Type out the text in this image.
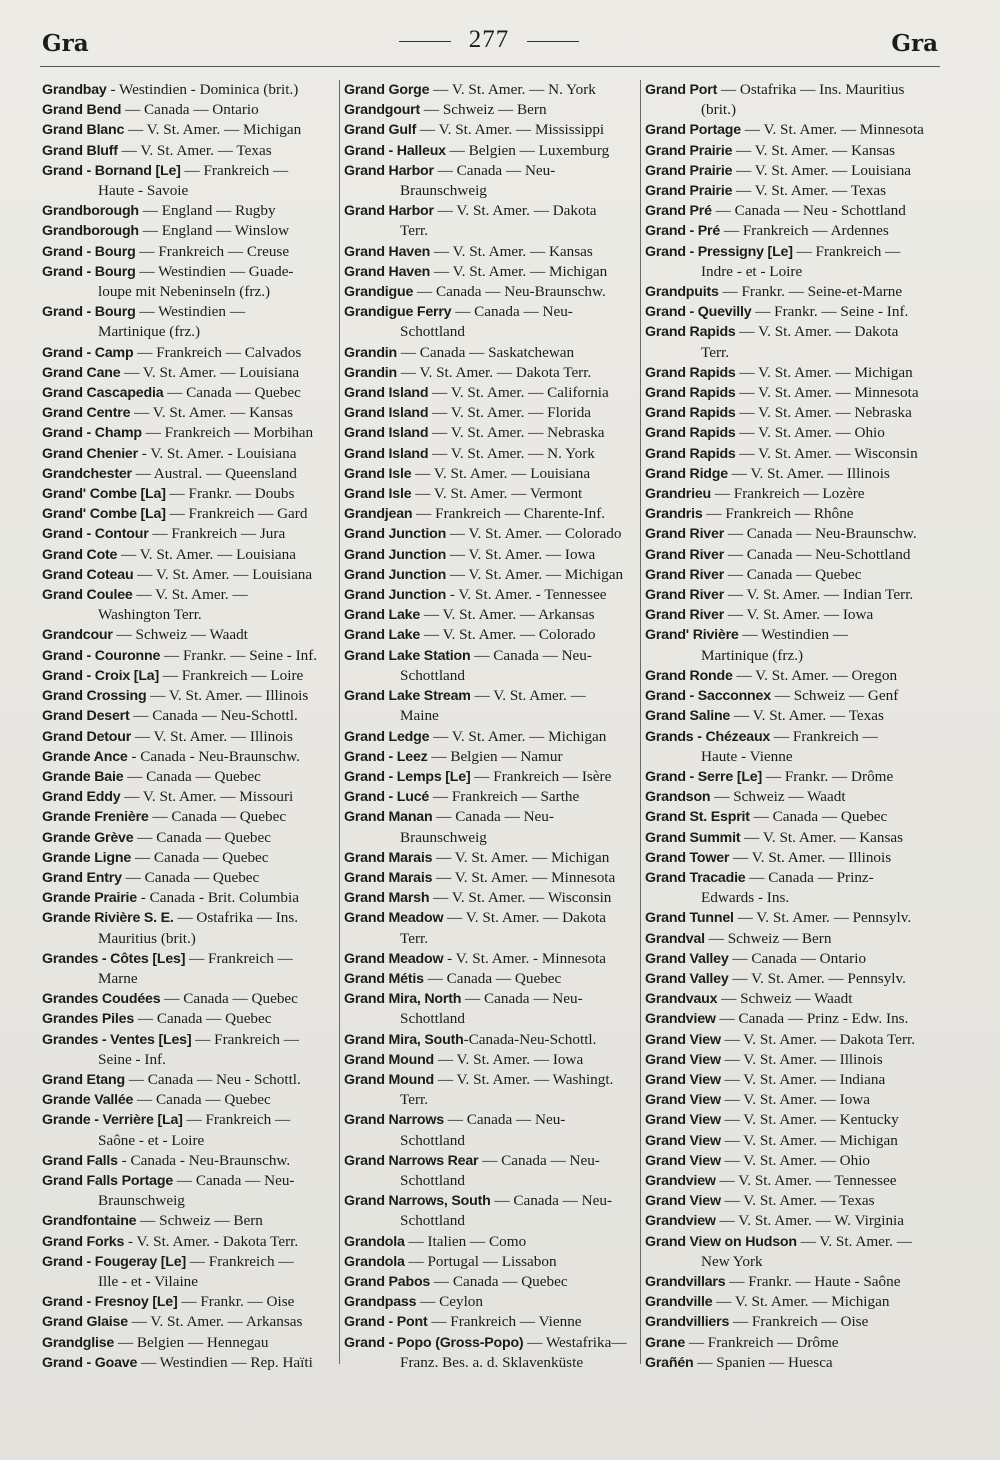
Gra	277	Gra
Grandbay - Westindien - Dominica (brit.)
Grand Bend — Canada — Ontario
Grand Blanc — V. St. Amer. — Michigan
Grand Bluff — V. St. Amer. — Texas
Grand - Bornand [Le] — Frankreich —
Haute - Savoie
Grandborough — England — Rugby
Grandborough — England — Winslow
Grand - Bourg — Frankreich — Creuse
Grand - Bourg — Westindien — Guade-
loupe mit Nebeninseln (frz.)
Grand - Bourg — Westindien —
Martinique (frz.)
Grand - Camp — Frankreich — Calvados
Grand Cane — V. St. Amer. — Louisiana
Grand Cascapedia — Canada — Quebec
Grand Centre — V. St. Amer. — Kansas
Grand - Champ — Frankreich — Morbihan
Grand Chenier - V. St. Amer. - Louisiana
Grandchester — Austral. — Queensland
Grand' Combe [La] — Frankr. — Doubs
Grand' Combe [La] — Frankreich — Gard
Grand - Contour — Frankreich — Jura
Grand Cote — V. St. Amer. — Louisiana
Grand Coteau — V. St. Amer. — Louisiana
Grand Coulee — V. St. Amer. —
Washington Terr.
Grandcour — Schweiz — Waadt
Grand - Couronne — Frankr. — Seine - Inf.
Grand - Croix [La] — Frankreich — Loire
Grand Crossing — V. St. Amer. — Illinois
Grand Desert — Canada — Neu-Schottl.
Grand Detour — V. St. Amer. — Illinois
Grande Ance - Canada - Neu-Braunschw.
Grande Baie — Canada — Quebec
Grand Eddy — V. St. Amer. — Missouri
Grande Frenière — Canada — Quebec
Grande Grève — Canada — Quebec
Grande Ligne — Canada — Quebec
Grand Entry — Canada — Quebec
Grande Prairie - Canada - Brit. Columbia
Grande Rivière S. E. — Ostafrika — Ins.
Mauritius (brit.)
Grandes - Côtes [Les] — Frankreich —
Marne
Grandes Coudées — Canada — Quebec
Grandes Piles — Canada — Quebec
Grandes - Ventes [Les] — Frankreich —
Seine - Inf.
Grand Etang — Canada — Neu - Schottl.
Grande Vallée — Canada — Quebec
Grande - Verrière [La] — Frankreich —
Saône - et - Loire
Grand Falls - Canada - Neu-Braunschw.
Grand Falls Portage — Canada — Neu-
Braunschweig
Grandfontaine — Schweiz — Bern
Grand Forks - V. St. Amer. - Dakota Terr.
Grand - Fougeray [Le] — Frankreich —
Ille - et - Vilaine
Grand - Fresnoy [Le] — Frankr. — Oise
Grand Glaise — V. St. Amer. — Arkansas
Grandglise — Belgien — Hennegau
Grand - Goave — Westindien — Rep. Haïti
Grand Gorge — V. St. Amer. — N. York
Grandgourt — Schweiz — Bern
Grand Gulf — V. St. Amer. — Mississippi
Grand - Halleux — Belgien — Luxemburg
Grand Harbor — Canada — Neu-
Braunschweig
Grand Harbor — V. St. Amer. — Dakota
Terr.
Grand Haven — V. St. Amer. — Kansas
Grand Haven — V. St. Amer. — Michigan
Grandigue — Canada — Neu-Braunschw.
Grandigue Ferry — Canada — Neu-
Schottland
Grandin — Canada — Saskatchewan
Grandin — V. St. Amer. — Dakota Terr.
Grand Island — V. St. Amer. — California
Grand Island — V. St. Amer. — Florida
Grand Island — V. St. Amer. — Nebraska
Grand Island — V. St. Amer. — N. York
Grand Isle — V. St. Amer. — Louisiana
Grand Isle — V. St. Amer. — Vermont
Grandjean — Frankreich — Charente-Inf.
Grand Junction — V. St. Amer. — Colorado
Grand Junction — V. St. Amer. — Iowa
Grand Junction — V. St. Amer. — Michigan
Grand Junction - V. St. Amer. - Tennessee
Grand Lake — V. St. Amer. — Arkansas
Grand Lake — V. St. Amer. — Colorado
Grand Lake Station — Canada — Neu-
Schottland
Grand Lake Stream — V. St. Amer. —
Maine
Grand Ledge — V. St. Amer. — Michigan
Grand - Leez — Belgien — Namur
Grand - Lemps [Le] — Frankreich — Isère
Grand - Lucé — Frankreich — Sarthe
Grand Manan — Canada — Neu-
Braunschweig
Grand Marais — V. St. Amer. — Michigan
Grand Marais — V. St. Amer. — Minnesota
Grand Marsh — V. St. Amer. — Wisconsin
Grand Meadow — V. St. Amer. — Dakota
Terr.
Grand Meadow - V. St. Amer. - Minnesota
Grand Métis — Canada — Quebec
Grand Mira, North — Canada — Neu-
Schottland
Grand Mira, South-Canada-Neu-Schottl.
Grand Mound — V. St. Amer. — Iowa
Grand Mound — V. St. Amer. — Washingt.
Terr.
Grand Narrows — Canada — Neu-
Schottland
Grand Narrows Rear — Canada — Neu-
Schottland
Grand Narrows, South — Canada — Neu-
Schottland
Grandola — Italien — Como
Grandola — Portugal — Lissabon
Grand Pabos — Canada — Quebec
Grandpass — Ceylon
Grand - Pont — Frankreich — Vienne
Grand - Popo (Gross-Popo) — Westafrika—
Franz. Bes. a. d. Sklavenküste
Grand Port — Ostafrika — Ins. Mauritius
(brit.)
Grand Portage — V. St. Amer. — Minnesota
Grand Prairie — V. St. Amer. — Kansas
Grand Prairie — V. St. Amer. — Louisiana
Grand Prairie — V. St. Amer. — Texas
Grand Pré — Canada — Neu - Schottland
Grand - Pré — Frankreich — Ardennes
Grand - Pressigny [Le] — Frankreich —
Indre - et - Loire
Grandpuits — Frankr. — Seine-et-Marne
Grand - Quevilly — Frankr. — Seine - Inf.
Grand Rapids — V. St. Amer. — Dakota
Terr.
Grand Rapids — V. St. Amer. — Michigan
Grand Rapids — V. St. Amer. — Minnesota
Grand Rapids — V. St. Amer. — Nebraska
Grand Rapids — V. St. Amer. — Ohio
Grand Rapids — V. St. Amer. — Wisconsin
Grand Ridge — V. St. Amer. — Illinois
Grandrieu — Frankreich — Lozère
Grandris — Frankreich — Rhône
Grand River — Canada — Neu-Braunschw.
Grand River — Canada — Neu-Schottland
Grand River — Canada — Quebec
Grand River — V. St. Amer. — Indian Terr.
Grand River — V. St. Amer. — Iowa
Grand' Rivière — Westindien —
Martinique (frz.)
Grand Ronde — V. St. Amer. — Oregon
Grand - Sacconnex — Schweiz — Genf
Grand Saline — V. St. Amer. — Texas
Grands - Chézeaux — Frankreich —
Haute - Vienne
Grand - Serre [Le] — Frankr. — Drôme
Grandson — Schweiz — Waadt
Grand St. Esprit — Canada — Quebec
Grand Summit — V. St. Amer. — Kansas
Grand Tower — V. St. Amer. — Illinois
Grand Tracadie — Canada — Prinz-
Edwards - Ins.
Grand Tunnel — V. St. Amer. — Pennsylv.
Grandval — Schweiz — Bern
Grand Valley — Canada — Ontario
Grand Valley — V. St. Amer. — Pennsylv.
Grandvaux — Schweiz — Waadt
Grandview — Canada — Prinz - Edw. Ins.
Grand View — V. St. Amer. — Dakota Terr.
Grand View — V. St. Amer. — Illinois
Grand View — V. St. Amer. — Indiana
Grand View — V. St. Amer. — Iowa
Grand View — V. St. Amer. — Kentucky
Grand View — V. St. Amer. — Michigan
Grand View — V. St. Amer. — Ohio
Grandview — V. St. Amer. — Tennessee
Grand View — V. St. Amer. — Texas
Grandview — V. St. Amer. — W. Virginia
Grand View on Hudson — V. St. Amer. —
New York
Grandvillars — Frankr. — Haute - Saône
Grandville — V. St. Amer. — Michigan
Grandvilliers — Frankreich — Oise
Grane — Frankreich — Drôme
Grañén — Spanien — Huesca
